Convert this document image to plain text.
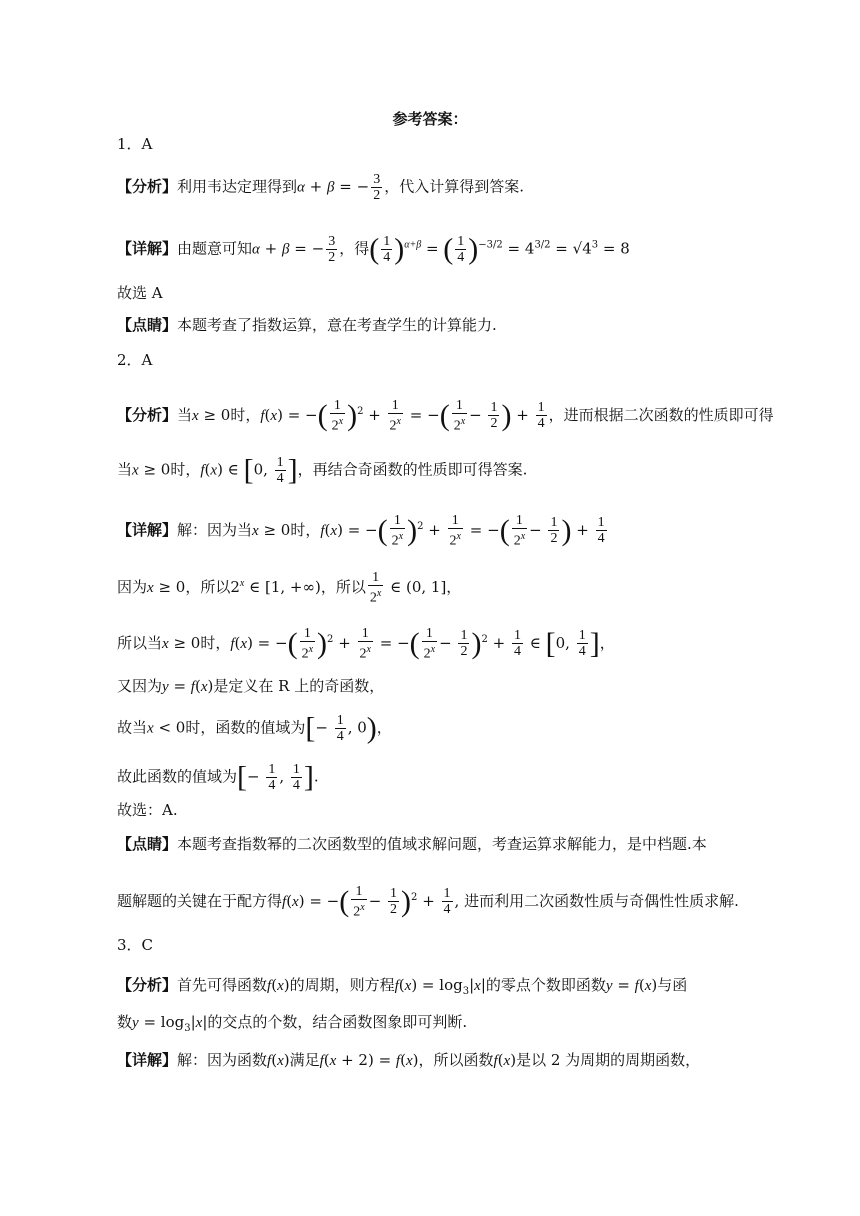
参考答案：
1．A
【分析】利用韦达定理得到α + β = − $\frac{3}{2}$ ，代入计算得到答案.
【详解】由题意可知α + β = − $\frac{3}{2}$ ，得( $\frac{1}{4} )^{\alpha+\beta}$ = ( $\frac{1}{4} )^{-3/2} = 4^{3/2} = √4^3 = 8$
故选 A
【点睛】本题考查了指数运算，意在考查学生的计算能力.
2．A
【分析】当x ≥ 0时，f(x) = −( $\frac{1}{2^x} )^2 + \frac{1}{2^x}$ = −( $\frac{1}{2^x} - \frac{1}{2}$ ) + $\frac{1}{4}$ ，进而根据二次函数的性质即可得
当x ≥ 0时，f(x) ∈ [0, $\frac{1}{4}$ ]，再结合奇函数的性质即可得答案.
【详解】解：因为当x ≥ 0时，f(x) = −( $\frac{1}{2^x} )^2 + \frac{1}{2^x}$ = −( $\frac{1}{2^x} - \frac{1}{2}$ ) + $\frac{1}{4}$
因为x ≥ 0，所以2$^x$ ∈ [1, +∞)，所以 $\frac{1}{2^x}$ ∈ (0, 1]，
所以当x ≥ 0时，f(x) = −( $\frac{1}{2^x} )^2 + \frac{1}{2^x}$ = −( $\frac{1}{2^x} - \frac{1}{2} )^2 + \frac{1}{4}$ ∈ [0, $\frac{1}{4}$ ]，
又因为y = f(x)是定义在 R 上的奇函数，
故当x < 0时，函数的值域为[− $\frac{1}{4}$ , 0)，
故此函数的值域为[− $\frac{1}{4}$ , $\frac{1}{4}$ ].
故选：A.
【点睛】本题考查指数幂的二次函数型的值域求解问题，考查运算求解能力，是中档题.本
题解题的关键在于配方得f(x) = −( $\frac{1}{2^x} - \frac{1}{2} )^2 + \frac{1}{4}$ , 进而利用二次函数性质与奇偶性性质求解.
3．C
【分析】首先可得函数f(x)的周期，则方程$f(x) = \log_3|x|$的零点个数即函数y = f(x)与函
数$y = \log_3|x|$的交点的个数，结合函数图象即可判断.
【详解】解：因为函数f(x)满足f(x + 2) = f(x)，所以函数f(x)是以 2 为周期的周期函数，
